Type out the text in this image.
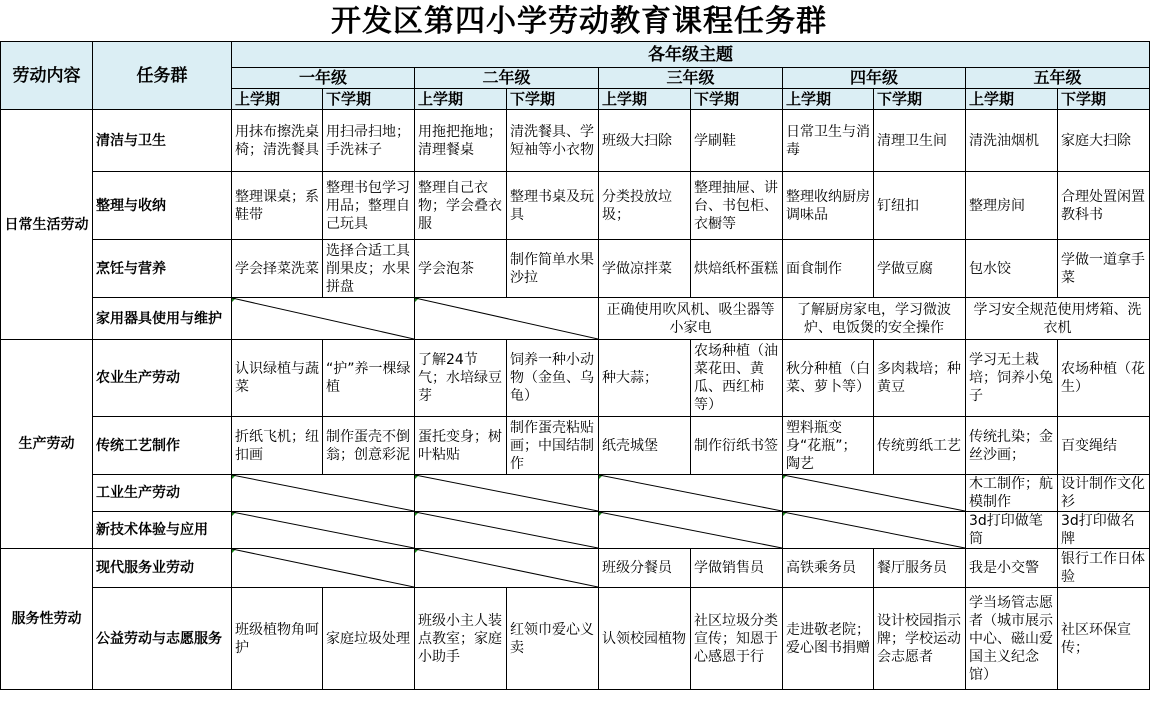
开发区第四小学劳动教育课程任务群
劳动内容	任务群	各年级主题									
		一年级		二年级		三年级		四年级		五年级	
		上学期	下学期	上学期	下学期	上学期	下学期	上学期	下学期	上学期	下学期
日常生活劳动	清洁与卫生	用抹布擦洗桌椅；清洗餐具	用扫帚扫地；手洗袜子	用拖把拖地；清理餐桌	清洗餐具、学短袖等小衣物	班级大扫除	学刷鞋	日常卫生与消毒	清理卫生间	清洗油烟机	家庭大扫除
	整理与收纳	整理课桌；系鞋带	整理书包学习用品；整理自己玩具	整理自己衣物；学会叠衣服	整理书桌及玩具	分类投放垃圾；	整理抽屉、讲台、书包柜、衣橱等	整理收纳厨房调味品	钉纽扣	整理房间	合理处置闲置教科书
	烹饪与营养	学会择菜洗菜	选择合适工具削果皮；水果拼盘	学会泡茶	制作简单水果沙拉	学做凉拌菜	烘焙纸杯蛋糕	面食制作	学做豆腐	包水饺	学做一道拿手菜
	家用器具使用与维护					正确使用吹风机、吸尘器等小家电		了解厨房家电，学习微波炉、电饭煲的安全操作		学习安全规范使用烤箱、洗衣机	
生产劳动	农业生产劳动	认识绿植与蔬菜	“护”养一棵绿植	了解24节气；水培绿豆芽	饲养一种小动物（金鱼、乌龟）	种大蒜；	农场种植（油菜花田、黄瓜、西红柿等）	秋分种植（白菜、萝卜等）	多肉栽培；种黄豆	学习无土栽培；饲养小兔子	农场种植（花生）
	传统工艺制作	折纸飞机；纽扣画	制作蛋壳不倒翁；创意彩泥	蛋托变身；树叶粘贴	制作蛋壳粘贴画；中国结制作	纸壳城堡	制作衍纸书签	塑料瓶变身“花瓶”；陶艺	传统剪纸工艺	传统扎染；金丝沙画；	百变绳结
	工业生产劳动									木工制作；航模制作	设计制作文化衫
	新技术体验与应用									3d打印做笔筒	3d打印做名牌
服务性劳动	现代服务业劳动					班级分餐员	学做销售员	高铁乘务员	餐厅服务员	我是小交警	银行工作日体验
	公益劳动与志愿服务	班级植物角呵护	家庭垃圾处理	班级小主人装点教室；家庭小助手	红领巾爱心义卖	认领校园植物	社区垃圾分类宣传；知恩于心感恩于行	走进敬老院；爱心图书捐赠	设计校园指示牌；学校运动会志愿者	学当场管志愿者（城市展示中心、磁山爱国主义纪念馆）	社区环保宣传；
